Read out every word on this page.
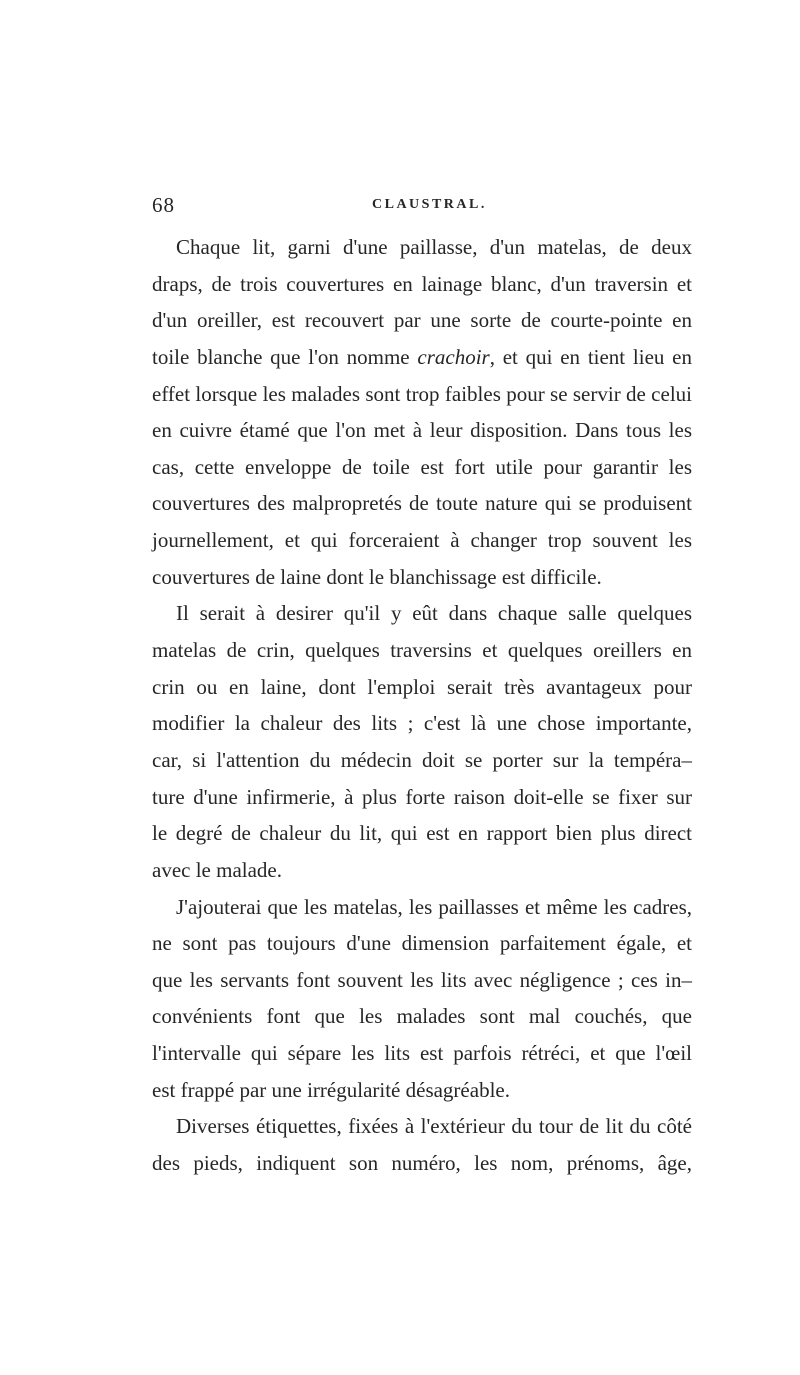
68	CLAUSTRAL.
Chaque lit, garni d'une paillasse, d'un matelas, de deux
draps, de trois couvertures en lainage blanc, d'un traversin et
d'un oreiller, est recouvert par une sorte de courte-pointe en
toile blanche que l'on nomme crachoir, et qui en tient lieu en
effet lorsque les malades sont trop faibles pour se servir de celui
en cuivre étamé que l'on met à leur disposition. Dans tous les
cas, cette enveloppe de toile est fort utile pour garantir les
couvertures des malpropretés de toute nature qui se produisent
journellement, et qui forceraient à changer trop souvent les
couvertures de laine dont le blanchissage est difficile.
Il serait à desirer qu'il y eût dans chaque salle quelques
matelas de crin, quelques traversins et quelques oreillers en
crin ou en laine, dont l'emploi serait très avantageux pour
modifier la chaleur des lits ; c'est là une chose importante,
car, si l'attention du médecin doit se porter sur la tempéra–
ture d'une infirmerie, à plus forte raison doit-elle se fixer sur
le degré de chaleur du lit, qui est en rapport bien plus direct
avec le malade.
J'ajouterai que les matelas, les paillasses et même les cadres,
ne sont pas toujours d'une dimension parfaitement égale, et
que les servants font souvent les lits avec négligence ; ces in–
convénients font que les malades sont mal couchés, que
l'intervalle qui sépare les lits est parfois rétréci, et que l'œil
est frappé par une irrégularité désagréable.
Diverses étiquettes, fixées à l'extérieur du tour de lit du côté
des pieds, indiquent son numéro, les nom, prénoms, âge,
